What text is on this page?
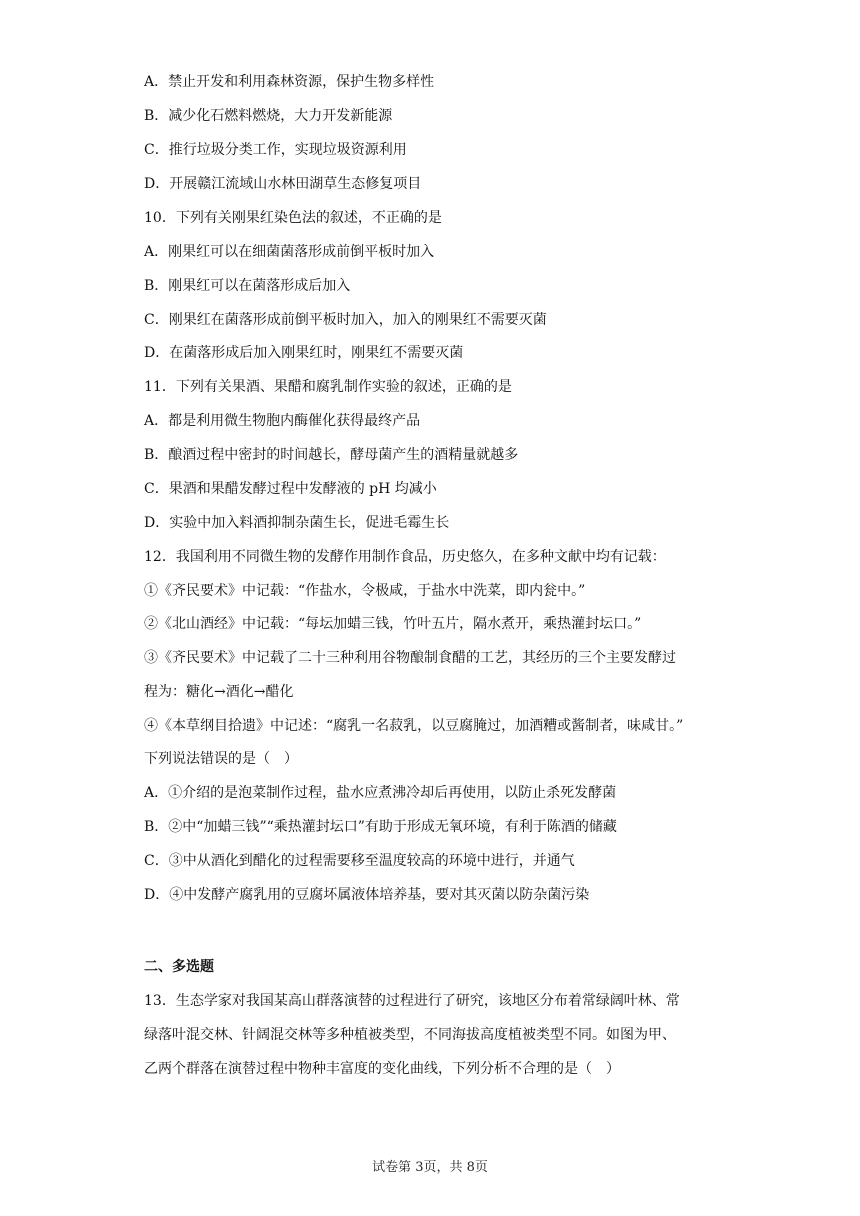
A．禁止开发和利用森林资源，保护生物多样性
B．减少化石燃料燃烧，大力开发新能源
C．推行垃圾分类工作，实现垃圾资源利用
D．开展赣江流域山水林田湖草生态修复项目
10．下列有关刚果红染色法的叙述，不正确的是
A．刚果红可以在细菌菌落形成前倒平板时加入
B．刚果红可以在菌落形成后加入
C．刚果红在菌落形成前倒平板时加入，加入的刚果红不需要灭菌
D．在菌落形成后加入刚果红时，刚果红不需要灭菌
11．下列有关果酒、果醋和腐乳制作实验的叙述，正确的是
A．都是利用微生物胞内酶催化获得最终产品
B．酿酒过程中密封的时间越长，酵母菌产生的酒精量就越多
C．果酒和果醋发酵过程中发酵液的 pH 均减小
D．实验中加入料酒抑制杂菌生长，促进毛霉生长
12．我国利用不同微生物的发酵作用制作食品，历史悠久，在多种文献中均有记载：
①《齐民要术》中记载：“作盐水，令极咸，于盐水中洗菜，即内瓮中。”
②《北山酒经》中记载：“每坛加蜡三钱，竹叶五片，隔水煮开，乘热灌封坛口。”
③《齐民要术》中记载了二十三种利用谷物酿制食醋的工艺，其经历的三个主要发酵过
程为：糖化→酒化→醋化
④《本草纲目拾遗》中记述：“腐乳一名菽乳，以豆腐腌过，加酒糟或酱制者，味咸甘。”
下列说法错误的是（　）
A．①介绍的是泡菜制作过程，盐水应煮沸冷却后再使用，以防止杀死发酵菌
B．②中“加蜡三钱”“乘热灌封坛口”有助于形成无氧环境，有利于陈酒的储藏
C．③中从酒化到醋化的过程需要移至温度较高的环境中进行，并通气
D．④中发酵产腐乳用的豆腐坏属液体培养基，要对其灭菌以防杂菌污染
二、多选题
13．生态学家对我国某高山群落演替的过程进行了研究，该地区分布着常绿阔叶林、常
绿落叶混交林、针阔混交林等多种植被类型，不同海拔高度植被类型不同。如图为甲、
乙两个群落在演替过程中物种丰富度的变化曲线，下列分析不合理的是（　）
试卷第 3页，共 8页
